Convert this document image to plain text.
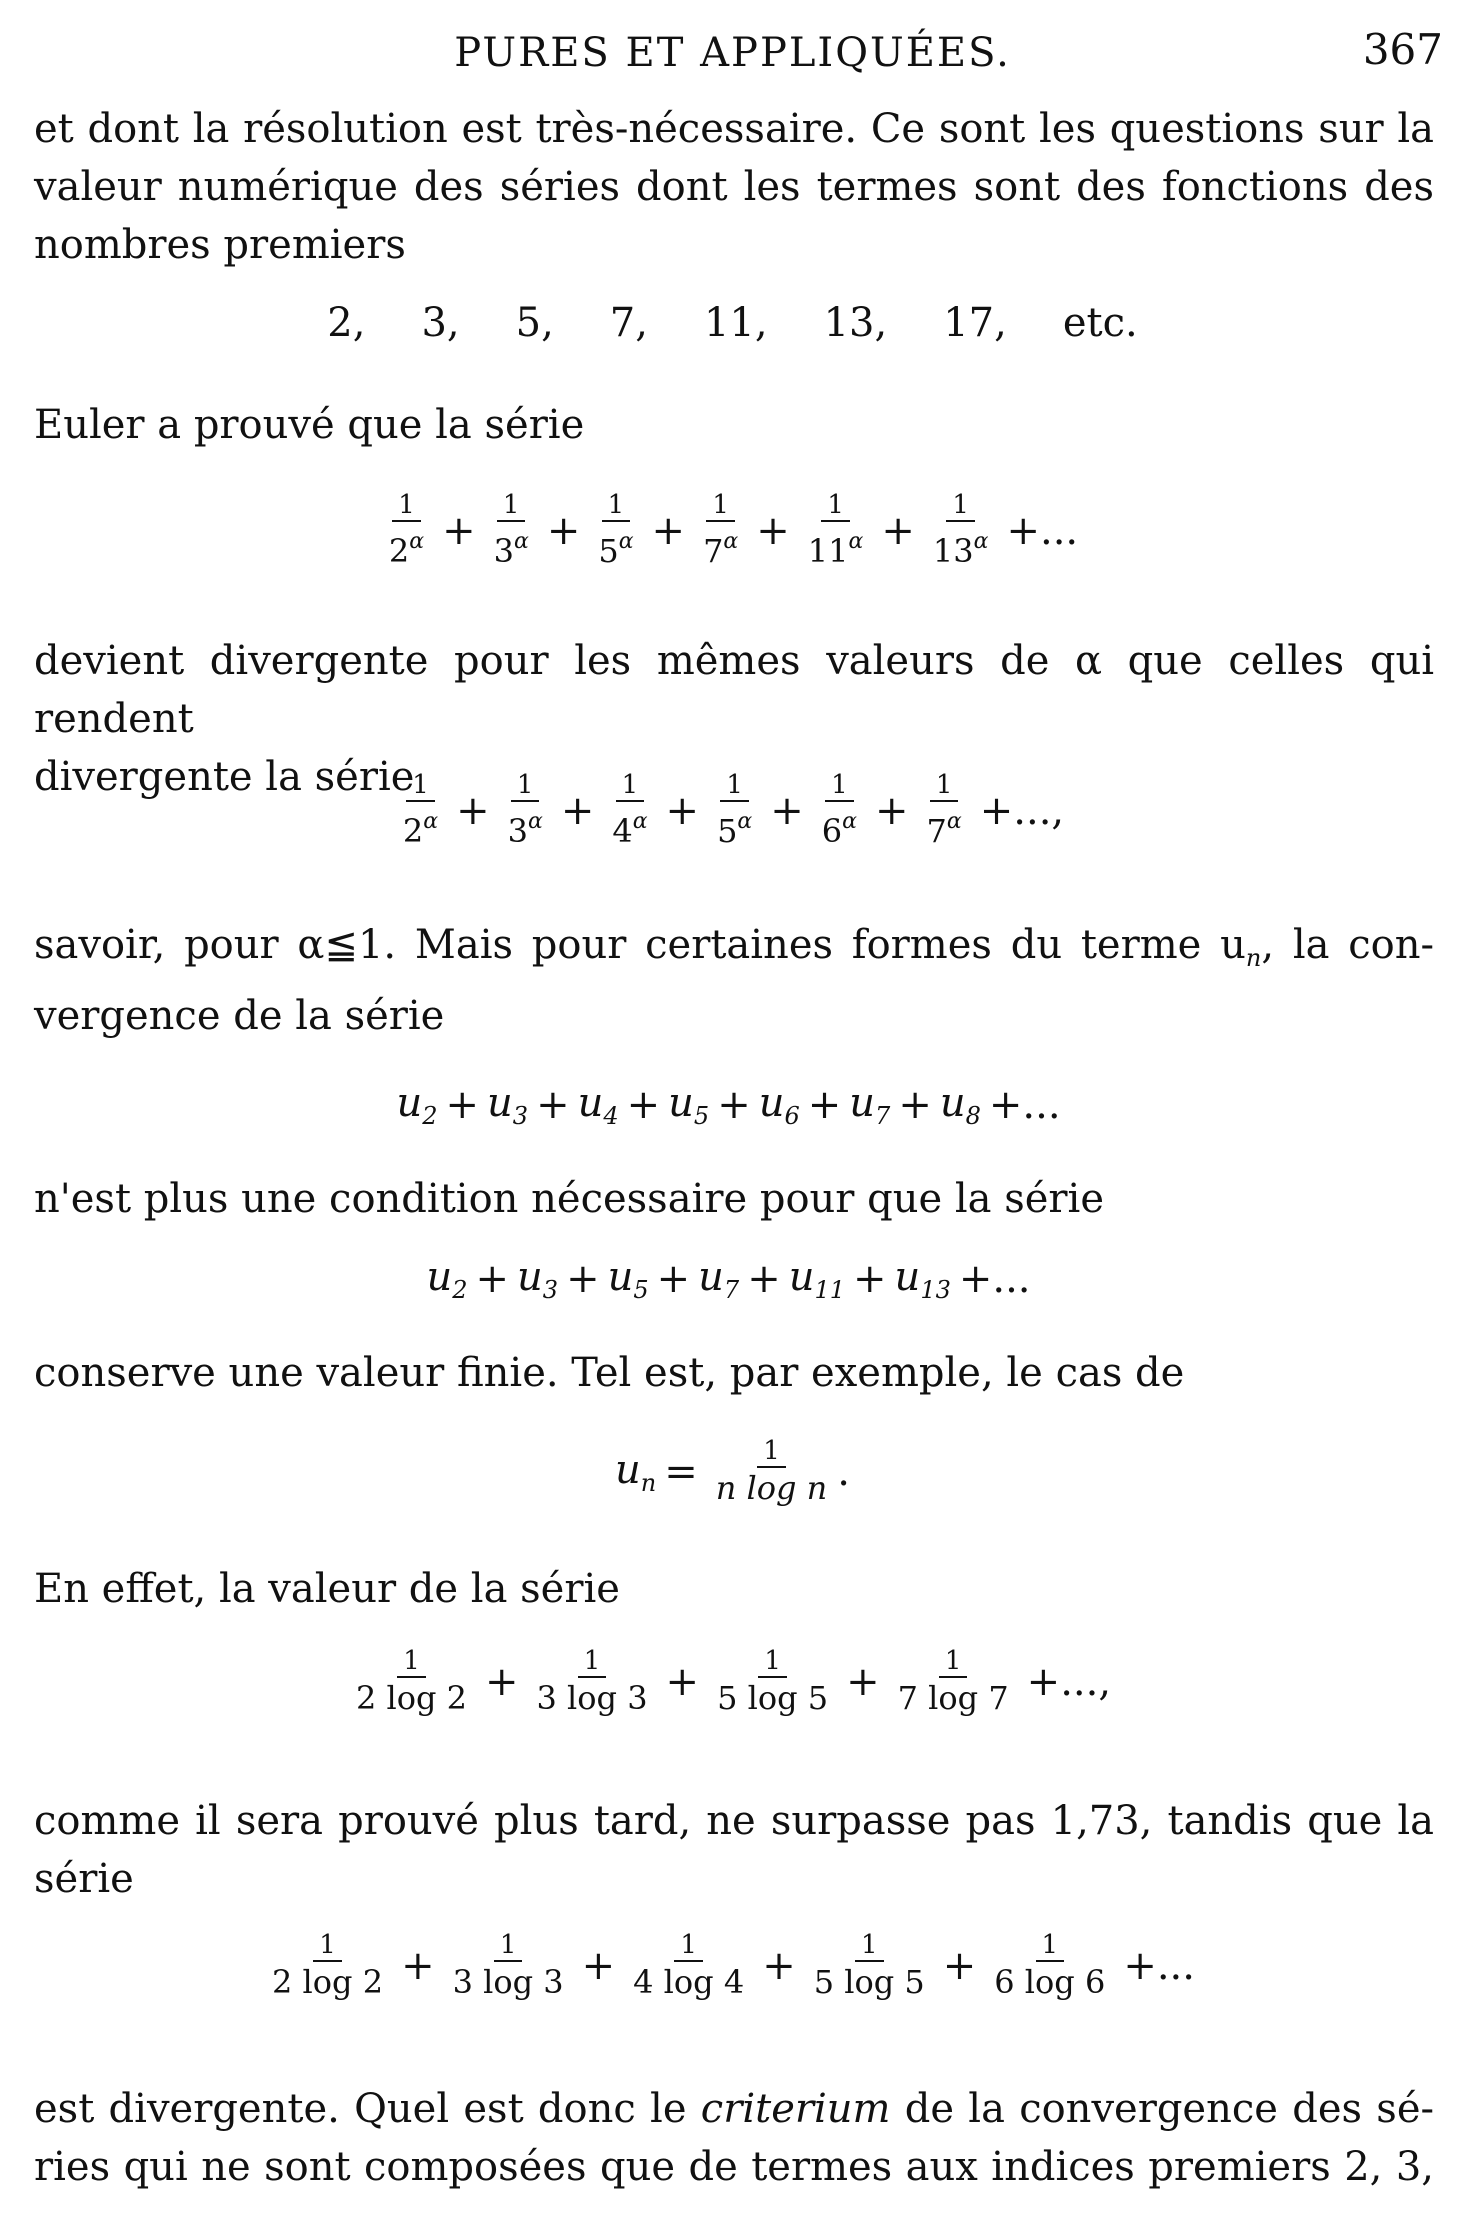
PURES ET APPLIQUÉES.	367
et dont la résolution est très-nécessaire. Ce sont les questions sur la
valeur numérique des séries dont les termes sont des fonctions des
nombres premiers
2, 3, 5, 7, 11, 13, 17, etc.
Euler a prouvé que la série
$\frac{1}{2^\alpha} + \frac{1}{3^\alpha} + \frac{1}{5^\alpha} + \frac{1}{7^\alpha} + \frac{1}{11^\alpha} + \frac{1}{13^\alpha}$ +...
devient divergente pour les mêmes valeurs de α que celles qui rendent
divergente la série
$\frac{1}{2^\alpha} + \frac{1}{3^\alpha} + \frac{1}{4^\alpha} + \frac{1}{5^\alpha} + \frac{1}{6^\alpha} + \frac{1}{7^\alpha}$ +...,
savoir, pour α≦1. Mais pour certaines formes du terme $u_n$, la con-
vergence de la série
$u_2 + u_3 + u_4 + u_5 + u_6 + u_7 + u_8$ +...
n'est plus une condition nécessaire pour que la série
$u_2 + u_3 + u_5 + u_7 + u_{11} + u_{13}$ +...
conserve une valeur finie. Tel est, par exemple, le cas de
$u_n = \frac{1}{\text{n log n}}$ .
En effet, la valeur de la série
$\frac{1}{2 \log 2} + \frac{1}{3 \log 3} + \frac{1}{5 \log 5} + \frac{1}{7 \log 7}$ +...,
comme il sera prouvé plus tard, ne surpasse pas 1,73, tandis que la
série
$\frac{1}{2 \log 2} + \frac{1}{3 \log 3} + \frac{1}{4 \log 4} + \frac{1}{5 \log 5} + \frac{1}{6 \log 6}$ +...
est divergente. Quel est donc le criterium de la convergence des sé-
ries qui ne sont composées que de termes aux indices premiers 2, 3,
